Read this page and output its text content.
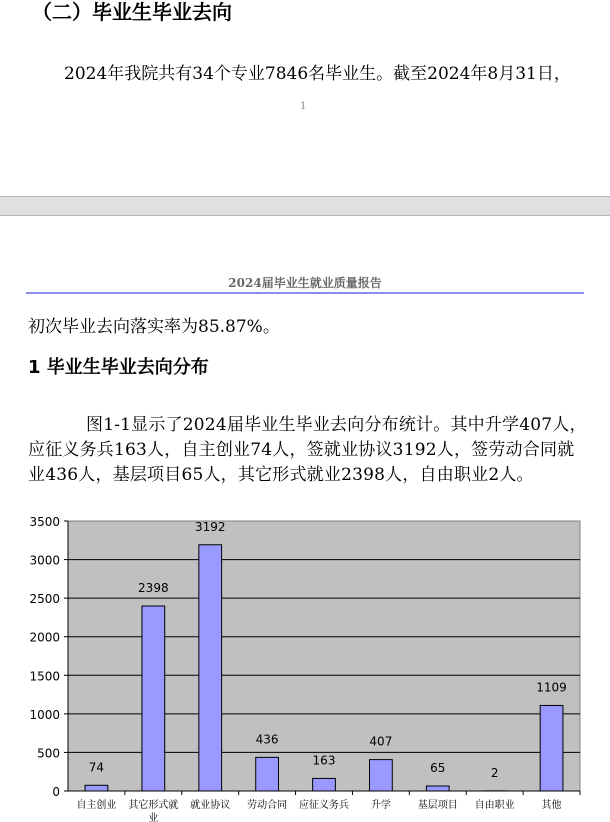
（二）毕业生毕业去向
2024年我院共有34个专业7846名毕业生。截至2024年8月31日，
1
2024届毕业生就业质量报告
初次毕业去向落实率为85.87%。
1 毕业生毕业去向分布
图1-1显示了2024届毕业生毕业去向分布统计。其中升学407人，应征义务兵163人，自主创业74人，签就业协议3192人，签劳动合同就业436人，基层项目65人，其它形式就业2398人，自由职业2人。
0
500
1000
1500
2000
2500
3000
3500
74
自主创业
2398
其它形式就
业
3192
就业协议
436
劳动合同
163
应征义务兵
407
升学
65
基层项目
2
自由职业
1109
其他
